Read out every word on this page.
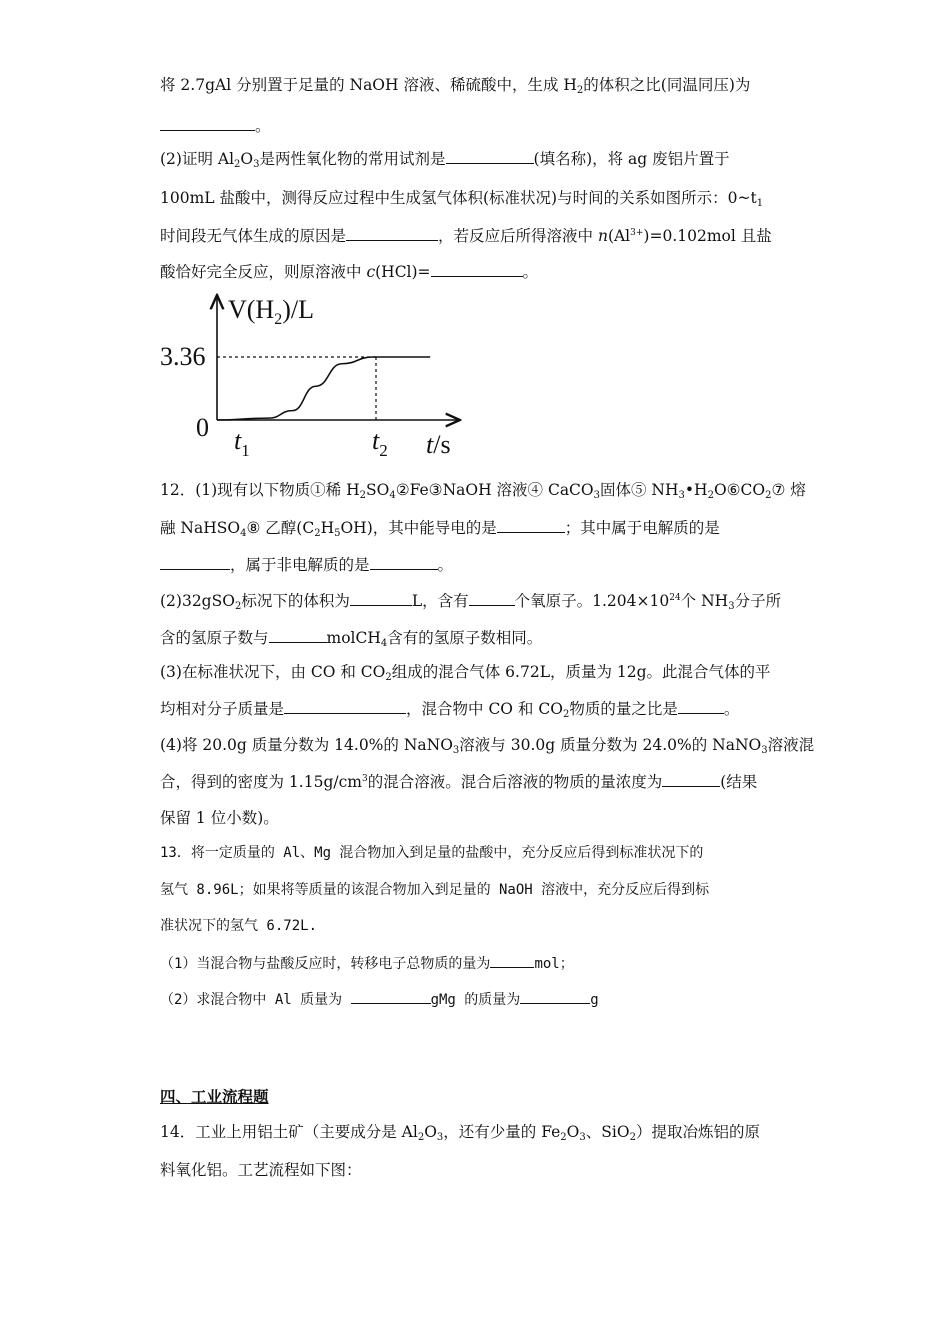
将 2.7gAl 分别置于足量的 NaOH 溶液、稀硫酸中，生成 $H_2$的体积之比(同温同压)为
。
(2)证明 $Al_2O_3$是两性氧化物的常用试剂是	(填名称)，将 ag 废铝片置于
100mL 盐酸中，测得反应过程中生成氢气体积(标准状况)与时间的关系如图所示：$0\sim t_1$
时间段无气体生成的原因是	，若反应后所得溶液中 $n(Al^{3+})=0.102mol$ 且盐
酸恰好完全反应，则原溶液中 c(HCl)=	。
$V(H_2)/L$
3.36
0 $t_1$	$t_2$ t/s
12．(1)现有以下物质①稀 $H_2SO_4②Fe③NaOH$ 溶液④ CaCO$_3$固体⑤ $NH_3•H_2O⑥CO_2⑦$ 熔
融 NaHSO$_4$⑧ 乙醇$(C_2H_5OH)$，其中能导电的是	；其中属于电解质的是
，属于非电解质的是	。
(2)32gSO$_2$标况下的体积为	L，含有	个氧原子。$1.204\times 10^{24}$个 $NH_3$分子所
含的氢原子数与	molCH$_4$含有的氢原子数相同。
(3)在标准状况下，由 CO 和 $CO_2$组成的混合气体 6.72L，质量为 12g。此混合气体的平
均相对分子质量是	，混合物中 CO 和 $CO_2$物质的量之比是	。
(4)将 20.0g 质量分数为 14.0%的 NaNO$_3$溶液与 30.0g 质量分数为 24.0%的 NaNO$_3$溶液混
合，得到的密度为 $1.15g/cm^3$的混合溶液。混合后溶液的物质的量浓度为	(结果
保留 1 位小数)。
13．将一定质量的 Al、Mg 混合物加入到足量的盐酸中，充分反应后得到标准状况下的
氢气 8.96L；如果将等质量的该混合物加入到足量的 NaOH 溶液中，充分反应后得到标
准状况下的氢气 6.72L.
（1）当混合物与盐酸反应时，转移电子总物质的量为	mol；
（2）求混合物中 Al 质量为	gMg 的质量为	g
四、工业流程题
14．工业上用铝土矿（主要成分是 $Al_2O_3$，还有少量的 $Fe_2O_3$、SiO$_2$）提取冶炼铝的原
料氧化铝。工艺流程如下图：
